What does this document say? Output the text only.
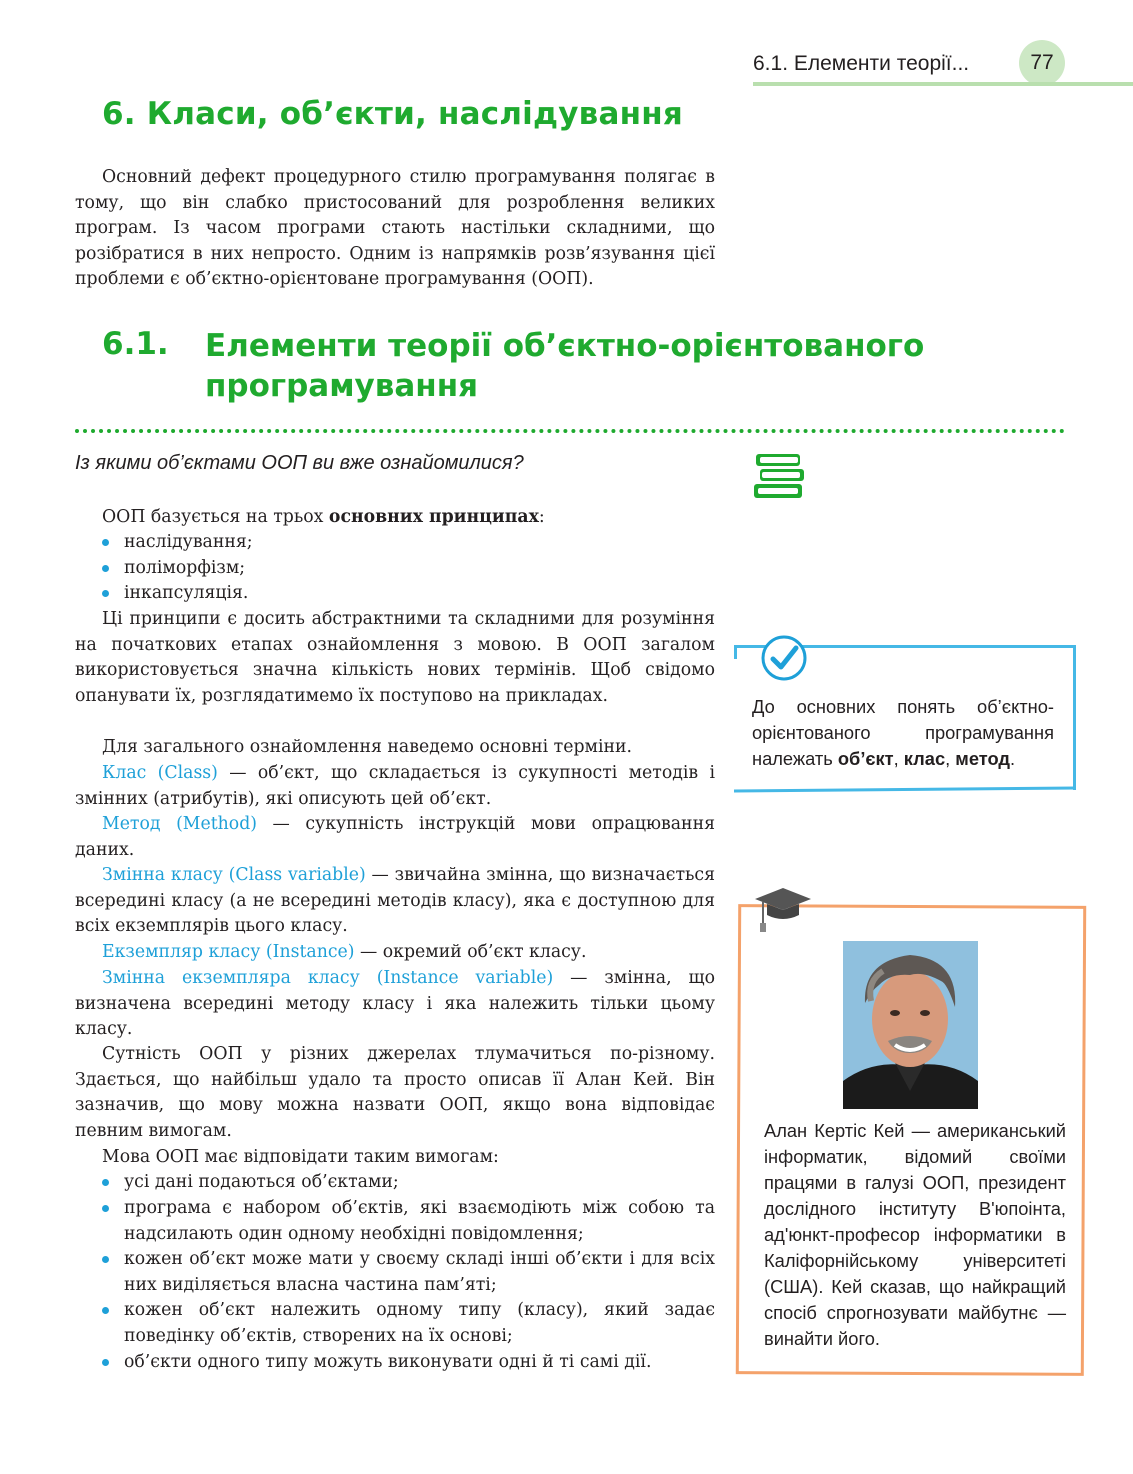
6.1. Елементи теорії...	77
6. Класи, об’єкти, наслідування

Основний дефект процедурного стилю програмування полягає в тому, що він слабко пристосований для розроблення великих програм. Із часом програми стають настільки складними, що розібратися в них непросто. Одним із напрямків розв’язування цієї проблеми є об’єктно-орієнтоване програмування (ООП).

6.1. Елементи теорії об’єктно-орієнтованого
програмування
Із якими об’єктами ООП ви вже ознайомилися?

ООП базується на трьох основних принципах:

наслідування;
поліморфізм;
інкапсуляція.

Ці принципи є досить абстрактними та складними для розуміння на початкових етапах ознайомлення з мовою. В ООП загалом використовується значна кількість нових термінів. Щоб свідомо опанувати їх, розглядатимемо їх поступово на прикладах.

Для загального ознайомлення наведемо основні терміни.

Клас (Class) — об’єкт, що складається із сукупності методів і змінних (атрибутів), які описують цей об’єкт.

Метод (Method) — сукупність інструкцій мови опрацювання даних.

Змінна класу (Class variable) — звичайна змінна, що визначається всередині класу (а не всередині методів класу), яка є доступною для всіх екземплярів цього класу.

Екземпляр класу (Instance) — окремий об’єкт класу.

Змінна екземпляра класу (Instance variable) — змінна, що визначена всередині методу класу і яка належить тільки цьому класу.

Сутність ООП у різних джерелах тлумачиться по-різному. Здається, що найбільш удало та просто описав її Алан Кей. Він зазначив, що мову можна назвати ООП, якщо вона відповідає певним вимогам.

Мова ООП має відповідати таким вимогам:

усі дані подаються об’єктами;
програма є набором об’єктів, які взаємодіють між собою та надсилають один одному необхідні повідомлення;
кожен об’єкт може мати у своєму складі інші об’єкти і для всіх них виділяється власна частина пам’яті;
кожен об’єкт належить одному типу (класу), який задає поведінку об’єктів, створених на їх основі;
об’єкти одного типу можуть виконувати одні й ті самі дії.
До основних понять об’єктно-орієнтованого програмування належать об’єкт, клас, метод.
Алан Кертіс Кей — американський інформатик, відомий своїми працями в галузі ООП, президент дослідного інституту В'юпоінта, ад'юнкт-професор інформатики в Каліфорнійському університеті (США). Кей сказав, що найкращий спосіб спрогнозувати майбутнє — винайти його.
